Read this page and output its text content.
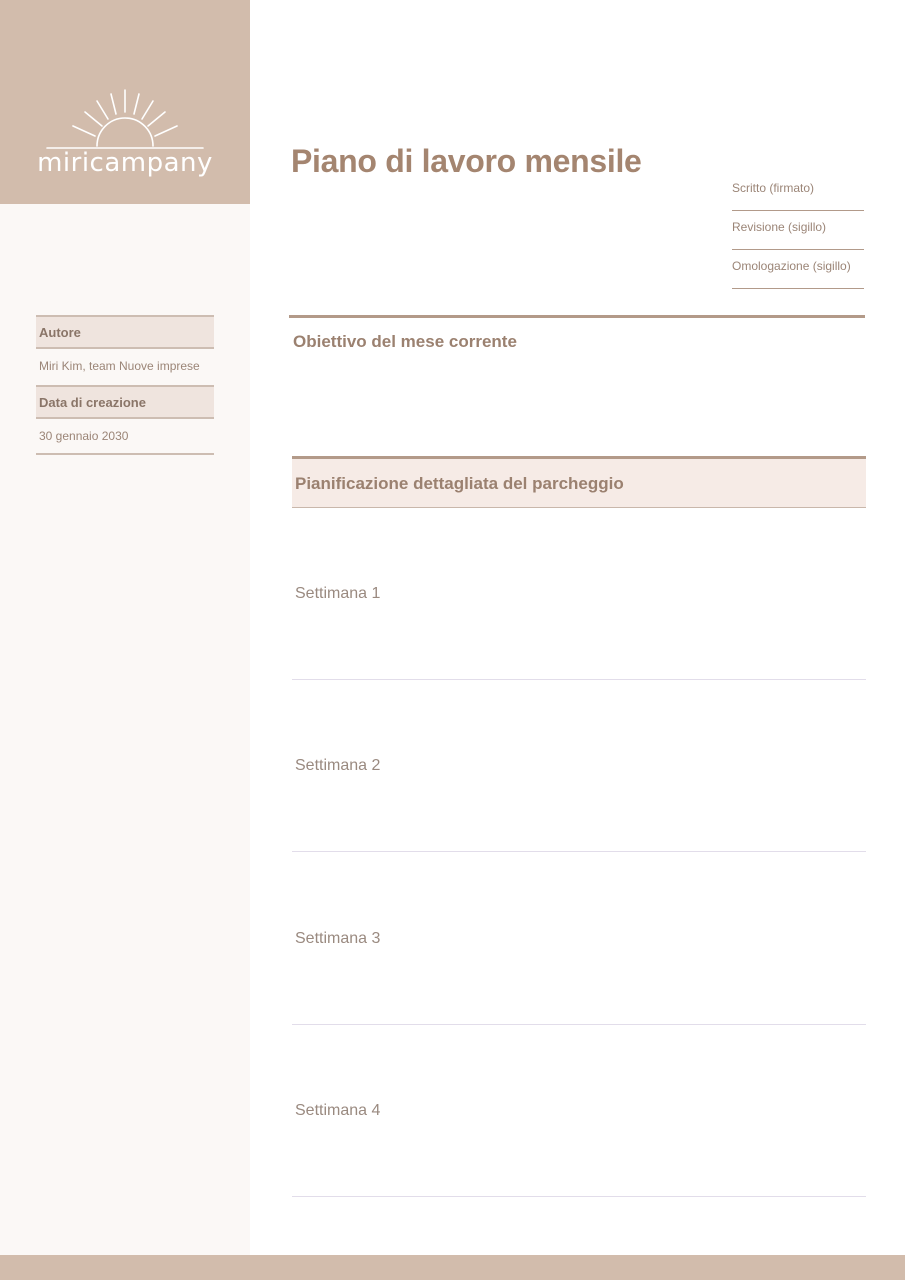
miricampany	Piano di lavoro mensile
Scritto (firmato)
Revisione (sigillo)
Omologazione (sigillo)
Autore
Miri Kim, team Nuove imprese
Data di creazione
30 gennaio 2030
Obiettivo del mese corrente
Pianificazione dettagliata del parcheggio
Settimana 1
Settimana 2
Settimana 3
Settimana 4
